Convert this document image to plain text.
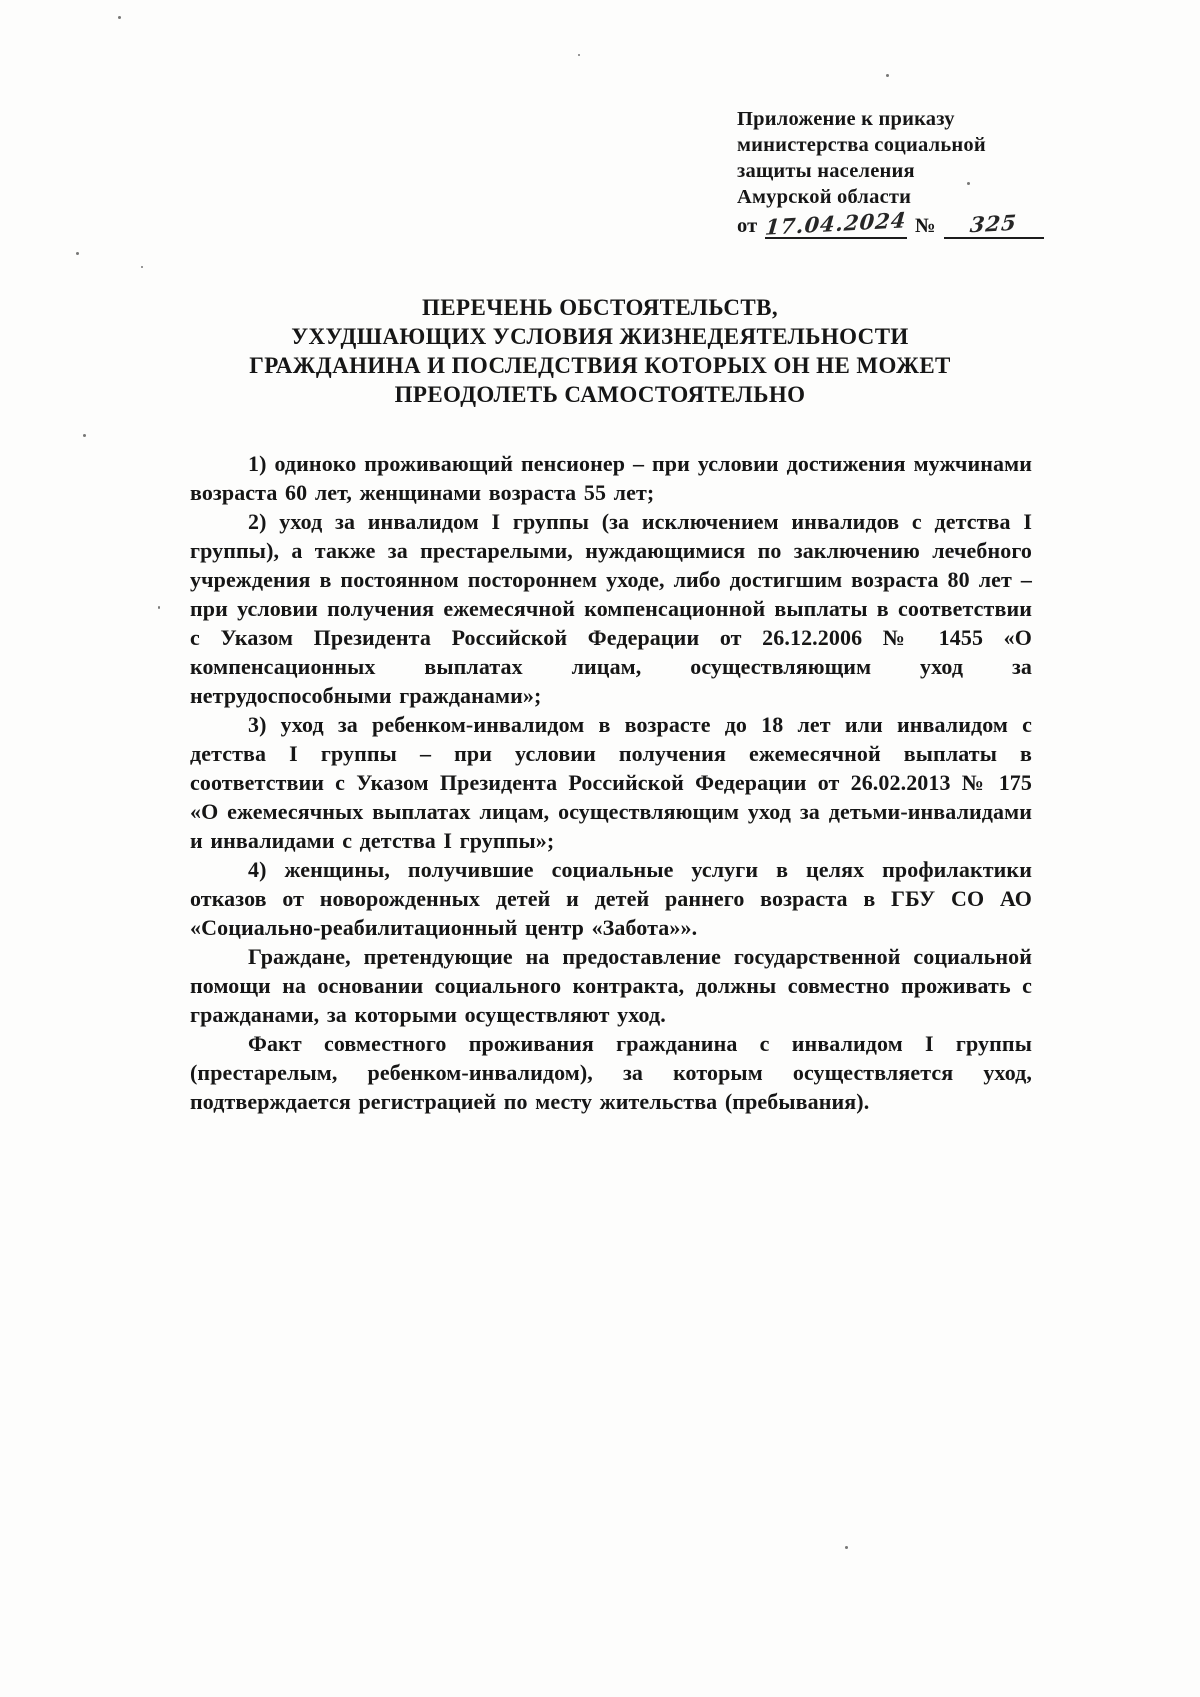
Приложение к приказу
министерства социальной
защиты населения
Амурской области
от 17.04.2024 №	325
ПЕРЕЧЕНЬ ОБСТОЯТЕЛЬСТВ,
УХУДШАЮЩИХ УСЛОВИЯ ЖИЗНЕДЕЯТЕЛЬНОСТИ
ГРАЖДАНИНА И ПОСЛЕДСТВИЯ КОТОРЫХ ОН НЕ МОЖЕТ
ПРЕОДОЛЕТЬ САМОСТОЯТЕЛЬНО

1) одиноко проживающий пенсионер – при условии достижения мужчинами возраста 60 лет, женщинами возраста 55 лет;

2) уход за инвалидом I группы (за исключением инвалидов с детства I группы), а также за престарелыми, нуждающимися по заключению лечебного учреждения в постоянном постороннем уходе, либо достигшим возраста 80 лет – при условии получения ежемесячной компенсационной выплаты в соответствии с Указом Президента Российской Федерации от 26.12.2006 № 1455 «О компенсационных выплатах лицам, осуществляющим уход за нетрудоспособными гражданами»;

3) уход за ребенком-инвалидом в возрасте до 18 лет или инвалидом с детства I группы – при условии получения ежемесячной выплаты в соответствии с Указом Президента Российской Федерации от 26.02.2013 № 175 «О ежемесячных выплатах лицам, осуществляющим уход за детьми-инвалидами и инвалидами с детства I группы»;

4) женщины, получившие социальные услуги в целях профилактики отказов от новорожденных детей и детей раннего возраста в ГБУ СО АО «Социально-реабилитационный центр «Забота»».

Граждане, претендующие на предоставление государственной социальной помощи на основании социального контракта, должны совместно проживать с гражданами, за которыми осуществляют уход.

Факт совместного проживания гражданина с инвалидом I группы (престарелым, ребенком-инвалидом), за которым осуществляется уход, подтверждается регистрацией по месту жительства (пребывания).
